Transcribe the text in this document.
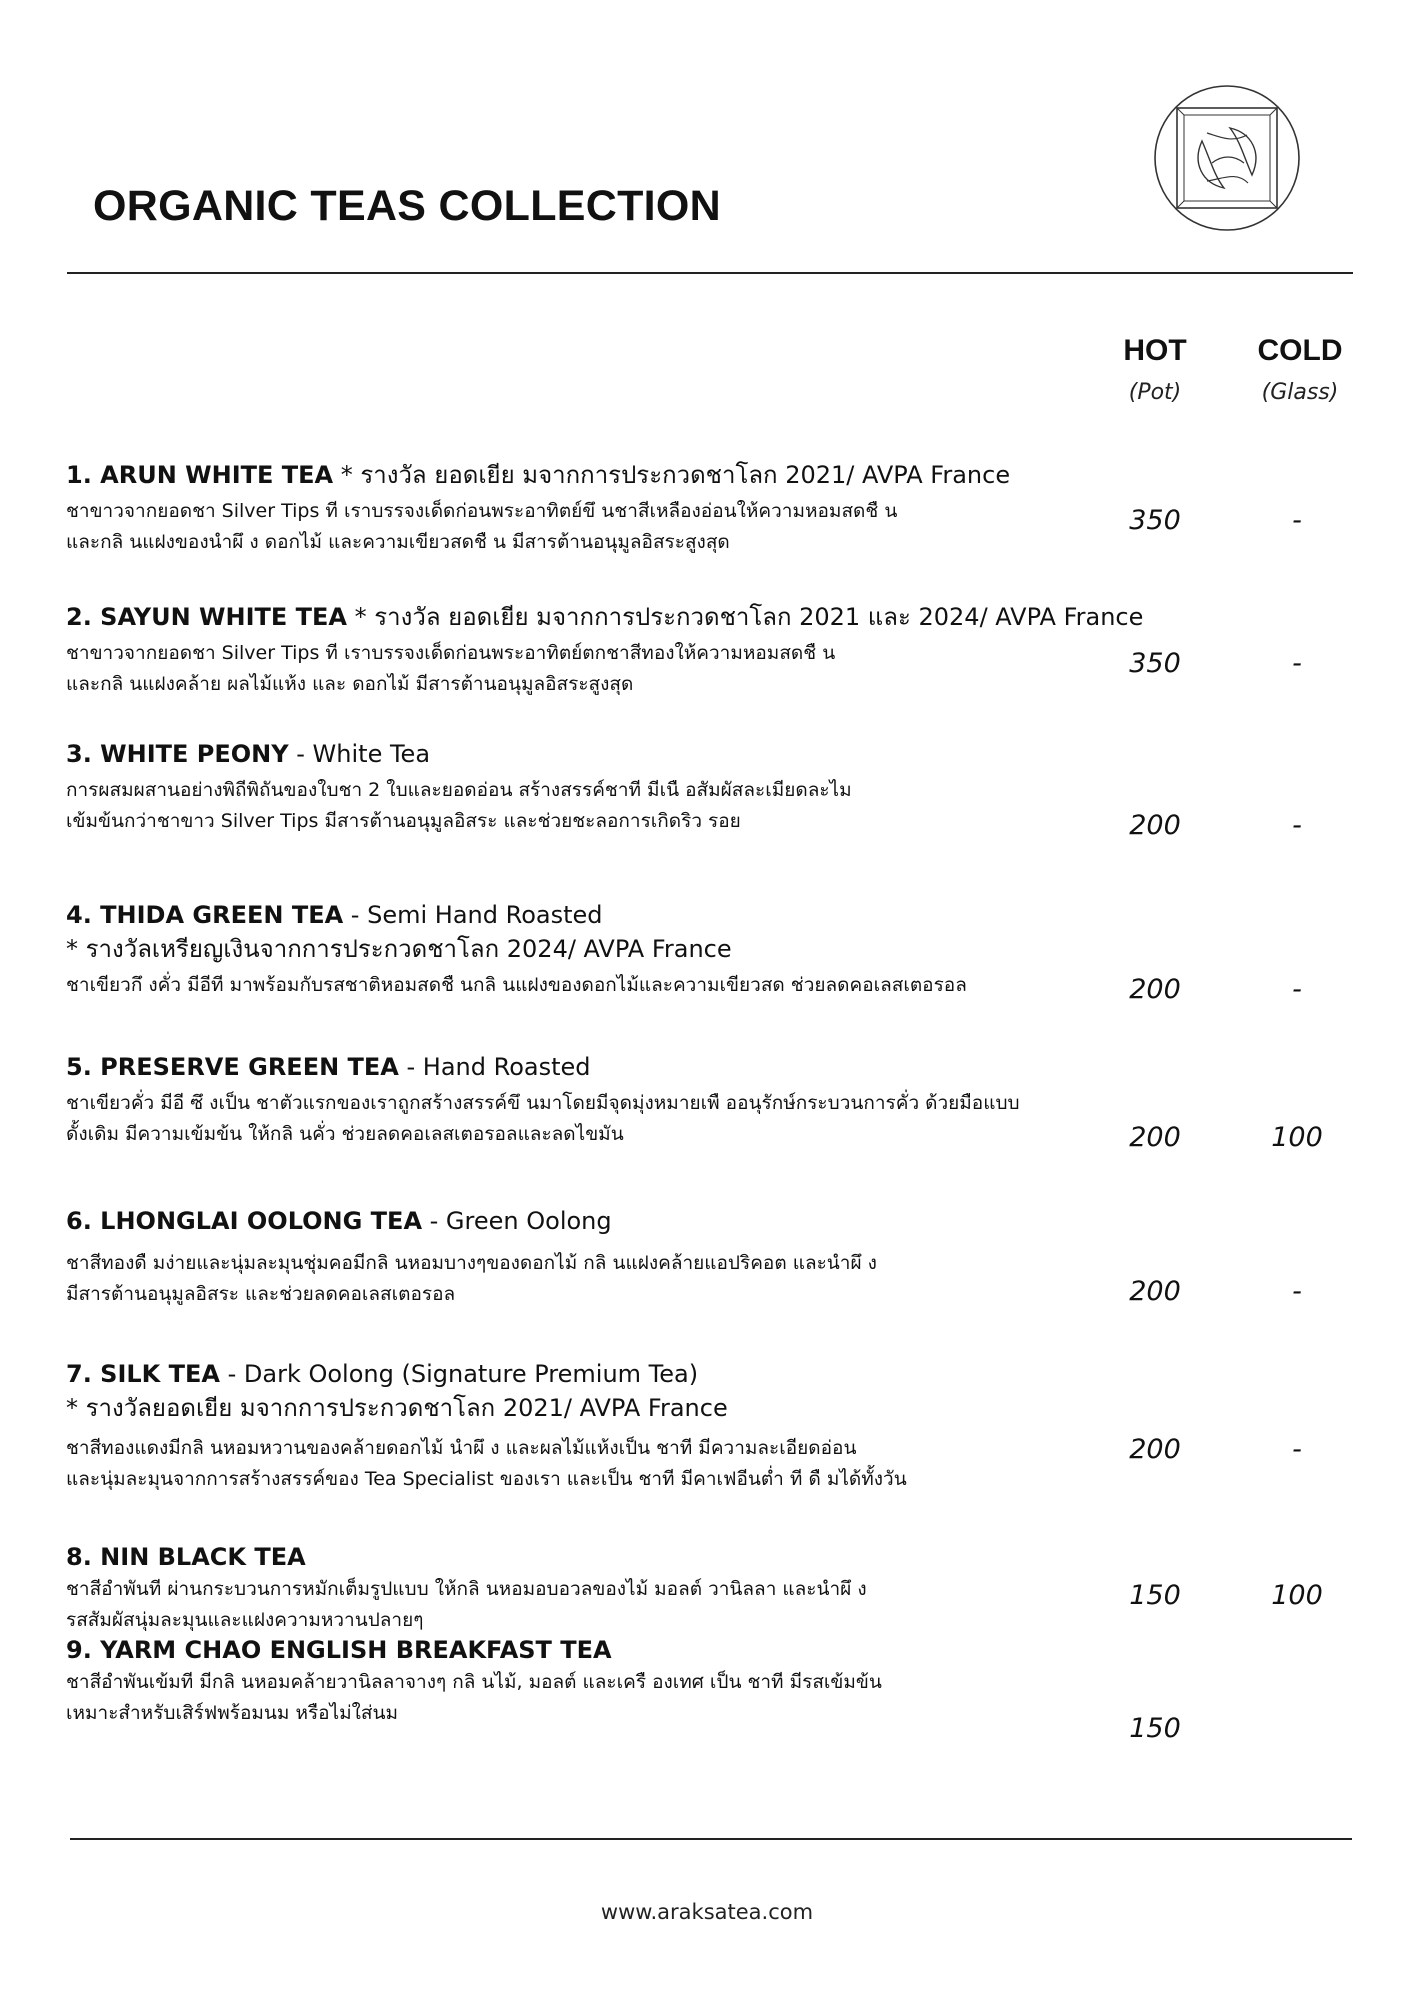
ORGANIC TEAS COLLECTION
HOT
(Pot)
COLD
(Glass)
1. ARUN WHITE TEA * รางวัล ยอดเยีย มจากการประกวดชาโลก 2021/ AVPA France
ชาขาวจากยอดชา Silver Tips ที เราบรรจงเด็ดก่อนพระอาทิตย์ขึ นชาสีเหลืองอ่อนให้ความหอมสดชื น
และกลิ นแฝงของนำผึ ง ดอกไม้ และความเขียวสดชื น มีสารต้านอนุมูลอิสระสูงสุด
350	-
2. SAYUN WHITE TEA * รางวัล ยอดเยีย มจากการประกวดชาโลก 2021 และ 2024/ AVPA France
ชาขาวจากยอดชา Silver Tips ที เราบรรจงเด็ดก่อนพระอาทิตย์ตกชาสีทองให้ความหอมสดชื น
และกลิ นแฝงคล้าย ผลไม้แห้ง และ ดอกไม้ มีสารต้านอนุมูลอิสระสูงสุด
350	-
3. WHITE PEONY - White Tea
การผสมผสานอย่างพิถีพิถันของใบชา 2 ใบและยอดอ่อน สร้างสรรค์ชาที มีเนื อสัมผัสละเมียดละไม
เข้มข้นกว่าชาขาว Silver Tips มีสารต้านอนุมูลอิสระ และช่วยชะลอการเกิดริว รอย	200	-
4. THIDA GREEN TEA - Semi Hand Roasted
* รางวัลเหรียญเงินจากการประกวดชาโลก 2024/ AVPA France
ชาเขียวกึ งคั่ว มีอีที มาพร้อมกับรสชาติหอมสดชื นกลิ นแฝงของดอกไม้และความเขียวสด ช่วยลดคอเลสเตอรอล	200	-
5. PRESERVE GREEN TEA - Hand Roasted
ชาเขียวคั่ว มีอี ซึ งเป็น ชาตัวแรกของเราถูกสร้างสรรค์ขึ นมาโดยมีจุดมุ่งหมายเพื ออนุรักษ์กระบวนการคั่ว ด้วยมือแบบ
ดั้งเดิม มีความเข้มข้น ให้กลิ นคั่ว ช่วยลดคอเลสเตอรอลและลดไขมัน	200	100
6. LHONGLAI OOLONG TEA - Green Oolong
ชาสีทองดื มง่ายและนุ่มละมุนชุ่มคอมีกลิ นหอมบางๆของดอกไม้ กลิ นแฝงคล้ายแอปริคอต และนำผึ ง
มีสารต้านอนุมูลอิสระ และช่วยลดคอเลสเตอรอล	200	-
7. SILK TEA - Dark Oolong (Signature Premium Tea)
* รางวัลยอดเยีย มจากการประกวดชาโลก 2021/ AVPA France
ชาสีทองแดงมีกลิ นหอมหวานของคล้ายดอกไม้ นำผึ ง และผลไม้แห้งเป็น ชาที มีความละเอียดอ่อน
และนุ่มละมุนจากการสร้างสรรค์ของ Tea Specialist ของเรา และเป็น ชาที มีคาเฟอีนต่ำ ที ดื มได้ทั้งวัน
200	-
8. NIN BLACK TEA
ชาสีอำพันที ผ่านกระบวนการหมักเต็มรูปแบบ ให้กลิ นหอมอบอวลของไม้ มอลต์ วานิลลา และนำผึ ง
รสสัมผัสนุ่มละมุนและแฝงความหวานปลายๆ
150	100
9. YARM CHAO ENGLISH BREAKFAST TEA
ชาสีอำพันเข้มที มีกลิ นหอมคล้ายวานิลลาจางๆ กลิ นไม้, มอลต์ และเครื องเทศ เป็น ชาที มีรสเข้มข้น
เหมาะสำหรับเสิร์ฟพร้อมนม หรือไม่ใส่นม	150
www.araksatea.com
